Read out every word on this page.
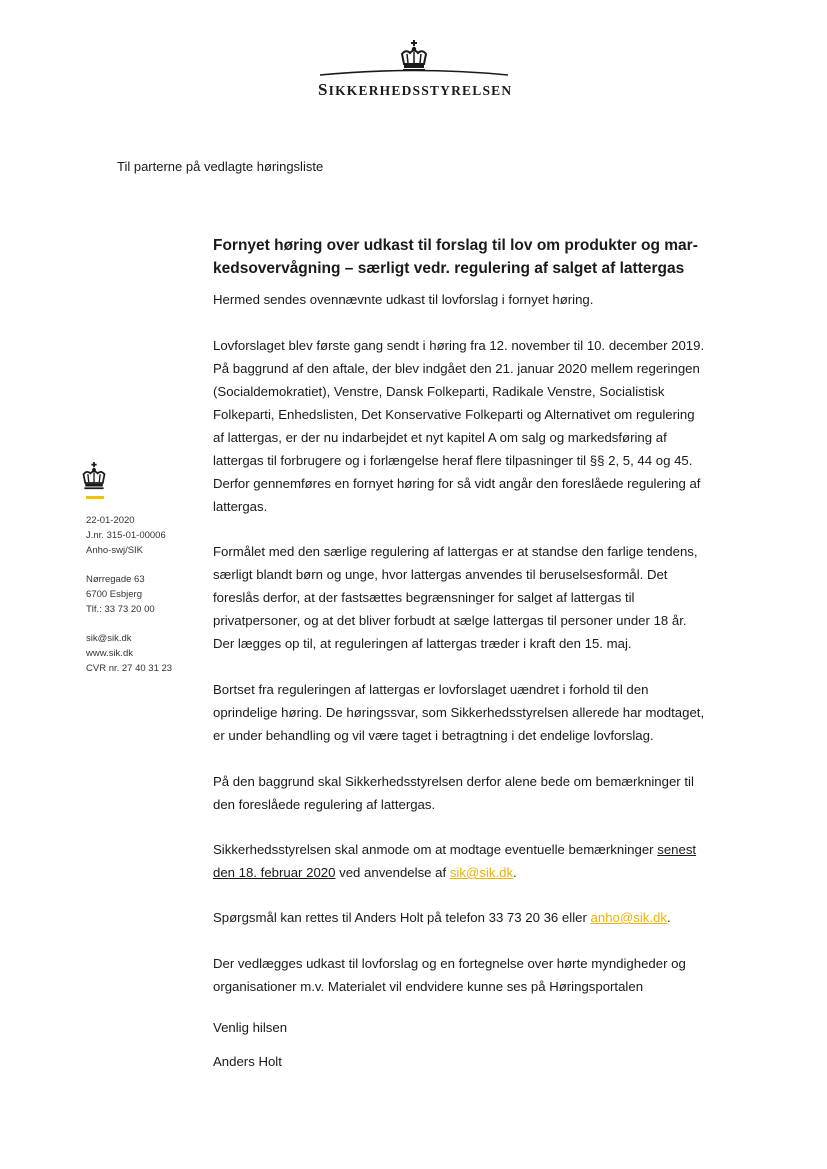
SIKKERHEDSSTYRELSEN
Til parterne på vedlagte høringsliste
Fornyet høring over udkast til forslag til lov om produkter og mar-
kedsovervågning – særligt vedr. regulering af salget af lattergas
Hermed sendes ovennævnte udkast til lovforslag i fornyet høring.
Lovforslaget blev første gang sendt i høring fra 12. november til 10. december 2019. På baggrund af den aftale, der blev indgået den 21. januar 2020 mellem regeringen (Socialdemokratiet), Venstre, Dansk Folkeparti, Radikale Venstre, Socialistisk Folkeparti, Enhedslisten, Det Konservative Folkeparti og Alternativet om regulering af lattergas, er der nu indarbejdet et nyt kapitel A om salg og markedsføring af lattergas til forbrugere og i forlængelse heraf flere tilpasninger til §§ 2, 5, 44 og 45. Derfor gennemføres en fornyet høring for så vidt angår den foreslåede regulering af lattergas.
Formålet med den særlige regulering af lattergas er at standse den farlige tendens, særligt blandt børn og unge, hvor lattergas anvendes til beruselsesformål. Det foreslås derfor, at der fastsættes begrænsninger for salget af lattergas til privatpersoner, og at det bliver forbudt at sælge lattergas til personer under 18 år. Der lægges op til, at reguleringen af lattergas træder i kraft den 15. maj.
Bortset fra reguleringen af lattergas er lovforslaget uændret i forhold til den oprindelige høring. De høringssvar, som Sikkerhedsstyrelsen allerede har modtaget, er under behandling og vil være taget i betragtning i det endelige lovforslag.
På den baggrund skal Sikkerhedsstyrelsen derfor alene bede om bemærkninger til den foreslåede regulering af lattergas.
Sikkerhedsstyrelsen skal anmode om at modtage eventuelle bemærkninger senest den 18. februar 2020 ved anvendelse af sik@sik.dk.
Spørgsmål kan rettes til Anders Holt på telefon 33 73 20 36 eller anho@sik.dk.
Der vedlægges udkast til lovforslag og en fortegnelse over hørte myndigheder og organisationer m.v. Materialet vil endvidere kunne ses på Høringsportalen
Venlig hilsen
Anders Holt
22-01-2020
J.nr. 315-01-00006
Anho-swj/SIK
Nørregade 63
6700 Esbjerg
Tlf.: 33 73 20 00
sik@sik.dk
www.sik.dk
CVR nr. 27 40 31 23
